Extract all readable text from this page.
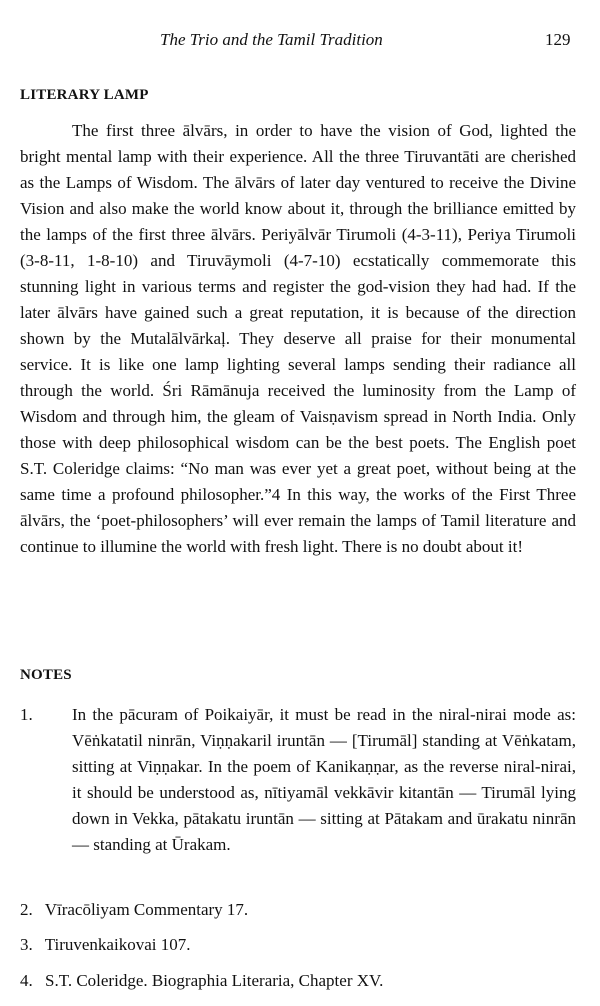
The Trio and the Tamil Tradition	129
LITERARY LAMP

The first three ālvārs, in order to have the vision of God, lighted the bright mental lamp with their experience. All the three Tiruvantāti are cherished as the Lamps of Wisdom. The ālvārs of later day ventured to receive the Divine Vision and also make the world know about it, through the brilliance emitted by the lamps of the first three ālvārs. Periyālvār Tirumoli (4-3-11), Periya Tirumoli (3-8-11, 1-8-10) and Tiruvāymoli (4-7-10) ecstatically commemorate this stunning light in various terms and register the god-vision they had had. If the later ālvārs have gained such a great reputation, it is because of the direction shown by the Mutalālvārkaļ. They deserve all praise for their monumental service. It is like one lamp lighting several lamps sending their radiance all through the world. Śri Rāmānuja received the luminosity from the Lamp of Wisdom and through him, the gleam of Vaisṇavism spread in North India. Only those with deep philosophical wisdom can be the best poets. The English poet S.T. Coleridge claims: “No man was ever yet a great poet, without being at the same time a profound philosopher.”4 In this way, the works of the First Three ālvārs, the ‘poet-philosophers’ will ever remain the lamps of Tamil literature and continue to illumine the world with fresh light. There is no doubt about it!

NOTES
1. In the pācuram of Poikaiyār, it must be read in the niral-nirai mode as: Vēṅkatatil ninrān, Viṇṇakaril iruntān — [Tirumāl] standing at Vēṅkatam, sitting at Viṇṇakar. In the poem of Kanikaṇṇar, as the reverse niral-nirai, it should be understood as, nītiyamāl vekkāvir kitantān — Tirumāl lying down in Vekka, pātakatu iruntān — sitting at Pātakam and ūrakatu ninrān — standing at Ūrakam.
2. Vīracōliyam Commentary 17.
3. Tiruvenkaikovai 107.
4. S.T. Coleridge. Biographia Literaria, Chapter XV.
